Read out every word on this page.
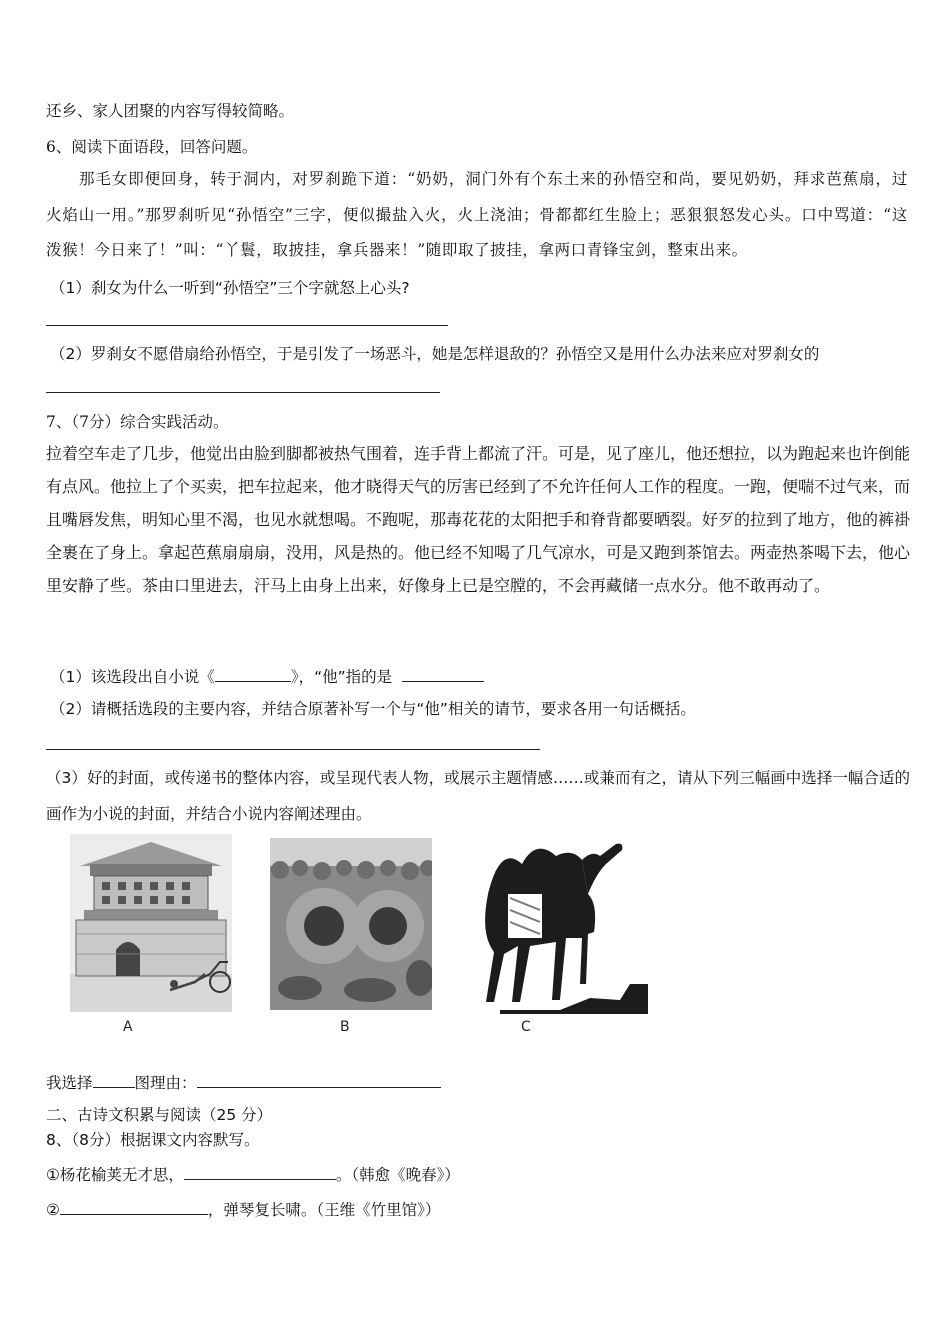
还乡、家人团聚的内容写得较简略。
6、阅读下面语段，回答问题。
那毛女即便回身，转于洞内，对罗刹跪下道：“奶奶，洞门外有个东土来的孙悟空和尚，要见奶奶，拜求芭蕉扇，过火焰山一用。”那罗刹听见“孙悟空”三字，便似撮盐入火，火上浇油；骨都都红生脸上；恶狠狠怒发心头。口中骂道：“这泼猴！今日来了！”叫：“丫鬟，取披挂，拿兵器来！”随即取了披挂，拿两口青锋宝剑，整束出来。
（1）刹女为什么一听到“孙悟空”三个字就怒上心头?
（2）罗刹女不愿借扇给孙悟空，于是引发了一场恶斗，她是怎样退敌的？孙悟空又是用什么办法来应对罗刹女的
7、（7分）综合实践活动。
拉着空车走了几步，他觉出由脸到脚都被热气围着，连手背上都流了汗。可是，见了座儿，他还想拉，以为跑起来也许倒能有点风。他拉上了个买卖，把车拉起来，他才晓得天气的厉害已经到了不允许任何人工作的程度。一跑，便喘不过气来，而且嘴唇发焦，明知心里不渴，也见水就想喝。不跑呢，那毒花花的太阳把手和脊背都要晒裂。好歹的拉到了地方，他的裤褂全裹在了身上。拿起芭蕉扇扇扇，没用，风是热的。他已经不知喝了几气凉水，可是又跑到茶馆去。两壶热茶喝下去，他心里安静了些。茶由口里进去，汗马上由身上出来，好像身上已是空膛的，不会再藏储一点水分。他不敢再动了。
（1）该选段出自小说《	》，“他”指的是
（2）请概括选段的主要内容，并结合原著补写一个与“他”相关的请节，要求各用一句话概括。
（3）好的封面，或传递书的整体内容，或呈现代表人物，或展示主题情感……或兼而有之，请从下列三幅画中选择一幅合适的画作为小说的封面，并结合小说内容阐述理由。
A	B	C
我选择	图理由：
二、古诗文积累与阅读（25 分）
8、（8分）根据课文内容默写。
①杨花榆荚无才思，	。（韩愈《晚春》）
②	，弹琴复长啸。（王维《竹里馆》）
